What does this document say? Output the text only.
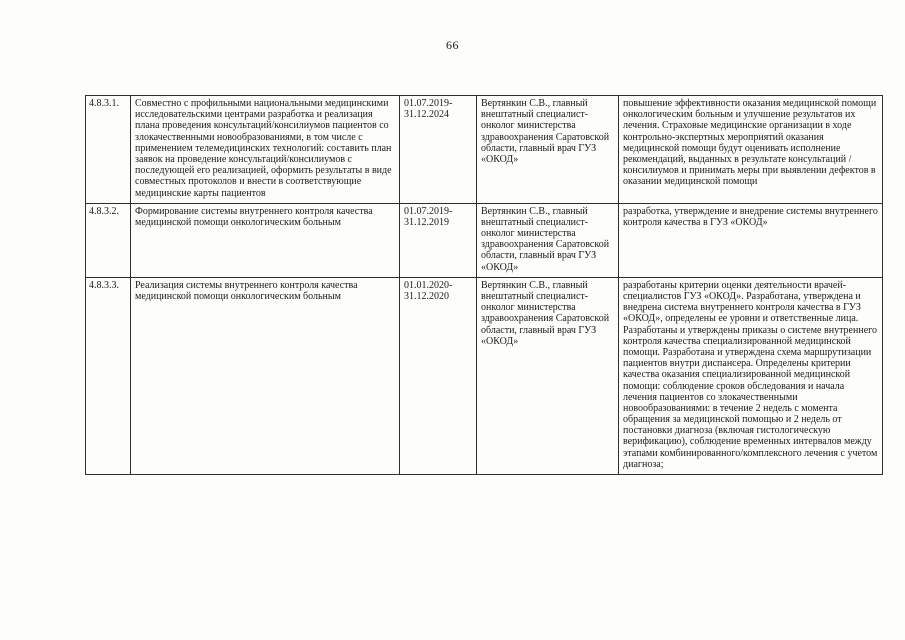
66
4.8.3.1.	Совместно с профильными национальными медицинскими исследовательскими центрами разработка и реализация плана проведения консультаций/консилиумов пациентов со злокачественными новообразованиями, в том числе с применением телемедицинских технологий: составить план заявок на проведение консультаций/консилиумов с последующей его реализацией, оформить результаты в виде совместных протоколов и внести в соответствующие медицинские карты пациентов	01.07.2019-31.12.2024	Вертянкин С.В., главный внештатный специалист-онколог министерства здравоохранения Саратовской области, главный врач ГУЗ «ОКОД»	повышение эффективности оказания медицинской помощи онкологическим больным и улучшение результатов их лечения. Страховые медицинские организации в ходе контрольно-экспертных мероприятий оказания медицинской помощи будут оценивать исполнение рекомендаций, выданных в результате консультаций / консилиумов и принимать меры при выявлении дефектов в оказании медицинской помощи
4.8.3.2.	Формирование системы внутреннего контроля качества медицинской помощи онкологическим больным	01.07.2019-31.12.2019	Вертянкин С.В., главный внештатный специалист-онколог министерства здравоохранения Саратовской области, главный врач ГУЗ «ОКОД»	разработка, утверждение и внедрение системы внутреннего контроля качества в ГУЗ «ОКОД»
4.8.3.3.	Реализация системы внутреннего контроля качества медицинской помощи онкологическим больным	01.01.2020-31.12.2020	Вертянкин С.В., главный внештатный специалист-онколог министерства здравоохранения Саратовской области, главный врач ГУЗ «ОКОД»	разработаны критерии оценки деятельности врачей-специалистов ГУЗ «ОКОД». Разработана, утверждена и внедрена система внутреннего контроля качества в ГУЗ «ОКОД», определены ее уровни и ответственные лица. Разработаны и утверждены приказы о системе внутреннего контроля качества специализированной медицинской помощи. Разработана и утверждена схема маршрутизации пациентов внутри диспансера. Определены критерии качества оказания специализированной медицинской помощи: соблюдение сроков обследования и начала лечения пациентов со злокачественными новообразованиями: в течение 2 недель с момента обращения за медицинской помощью и 2 недель от постановки диагноза (включая гистологическую верификацию), соблюдение временных интервалов между этапами комбинированного/комплексного лечения с учетом диагноза;
